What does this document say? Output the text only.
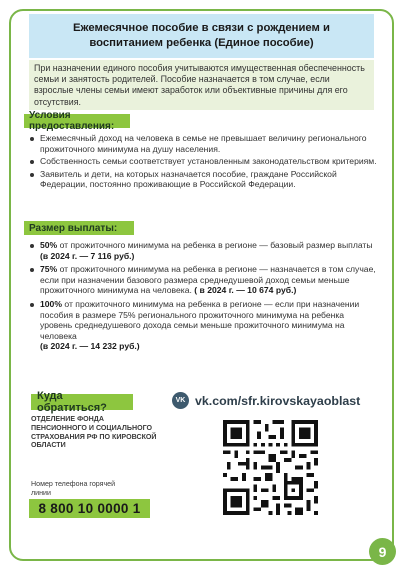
Ежемесячное пособие в связи с рождением и воспитанием ребенка (Единое пособие)

При назначении единого пособия учитываются имущественная обеспеченность семьи и занятость родителей. Пособие назначается в том случае, если взрослые члены семьи имеют заработок или объективные причины для его отсутствия.

Условия предоставления:
Ежемесячный доход на человека в семье не превышает величину регионального прожиточного минимума на душу населения.
Собственность семьи соответствует установленным законодательством критериям.
Заявитель и дети, на которых назначается пособие, граждане Российской Федерации, постоянно проживающие в Российской Федерации.
Размер выплаты:
50% от прожиточного минимума на ребенка в регионе — базовый размер выплаты (в 2024 г. — 7 116 руб.)
75% от прожиточного минимума на ребенка в регионе — назначается в том случае, если при назначении базового размера среднедушевой доход семьи меньше прожиточного минимума на человека. ( в 2024 г. — 10 674 руб.)
100% от прожиточного минимума на ребенка в регионе — если при назначении пособия в размере 75% регионального прожиточного минимума на ребенка уровень среднедушевого дохода семьи меньше прожиточного минимума на человека
(в 2024 г. — 14 232 руб.)
Куда обратиться?
ОТДЕЛЕНИЕ ФОНДА ПЕНСИОННОГО И СОЦИАЛЬНОГО СТРАХОВАНИЯ РФ ПО КИРОВСКОЙ ОБЛАСТИ
Номер телефона горячей линии
8 800 10 0000 1
VK vk.com/sfr.kirovskayaoblast
9
